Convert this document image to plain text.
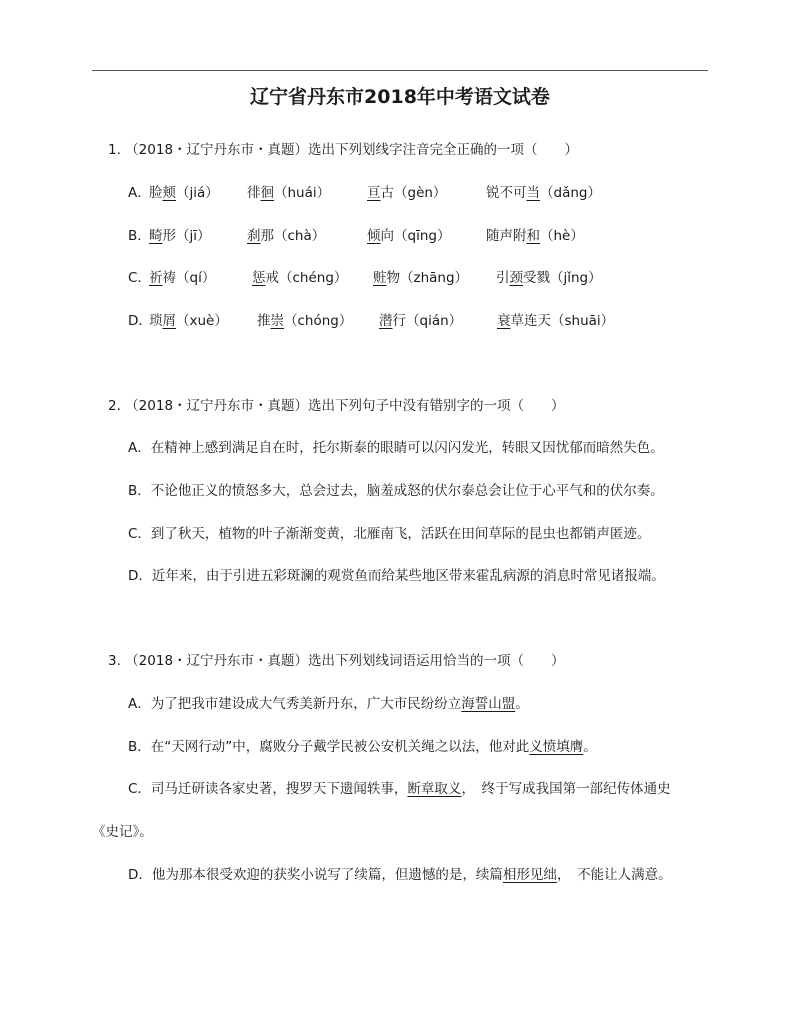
辽宁省丹东市2018年中考语文试卷
1. （2018・辽宁丹东市・真题）选出下列划线字注音完全正确的一项（　　）
A．
脸颊（jiá） 徘徊（huái）	亘古（gèn）	锐不可当（dǎng）
B．
畸形（jī）	刹那（chà）	倾向（qīng）	随声附和（hè）
C．
祈祷（qí）	惩戒（chéng） 赃物（zhāng） 引颈受戮（jǐng）
D．
琐屑（xuè） 推崇（chóng） 潜行（qián）	衰草连天（shuāi）
2. （2018・辽宁丹东市・真题）选出下列句子中没有错别字的一项（　　）
A．在精神上感到满足自在时，托尔斯泰的眼睛可以闪闪发光，转眼又因忧郁而暗然失色。
B．不论他正义的愤怒多大，总会过去，脑羞成怒的伏尔泰总会让位于心平气和的伏尔奏。
C．到了秋天，植物的叶子渐渐变黄，北雁南飞，活跃在田间草际的昆虫也都销声匿迹。
D．近年来，由于引进五彩斑澜的观赏鱼而给某些地区带来霍乱病源的消息时常见诸报端。
3. （2018・辽宁丹东市・真题）选出下列划线词语运用恰当的一项（　　）
A．为了把我市建设成大气秀美新丹东，广大市民纷纷立海誓山盟。
B．在“天网行动”中，腐败分子戴学民被公安机关绳之以法，他对此义愤填膺。
C．司马迁研读各家史著，搜罗天下遗闻轶事，断章取义，　终于写成我国第一部纪传体通史
《史记》。
D．他为那本很受欢迎的获奖小说写了续篇，但遗憾的是，续篇相形见绌，　不能让人满意。
